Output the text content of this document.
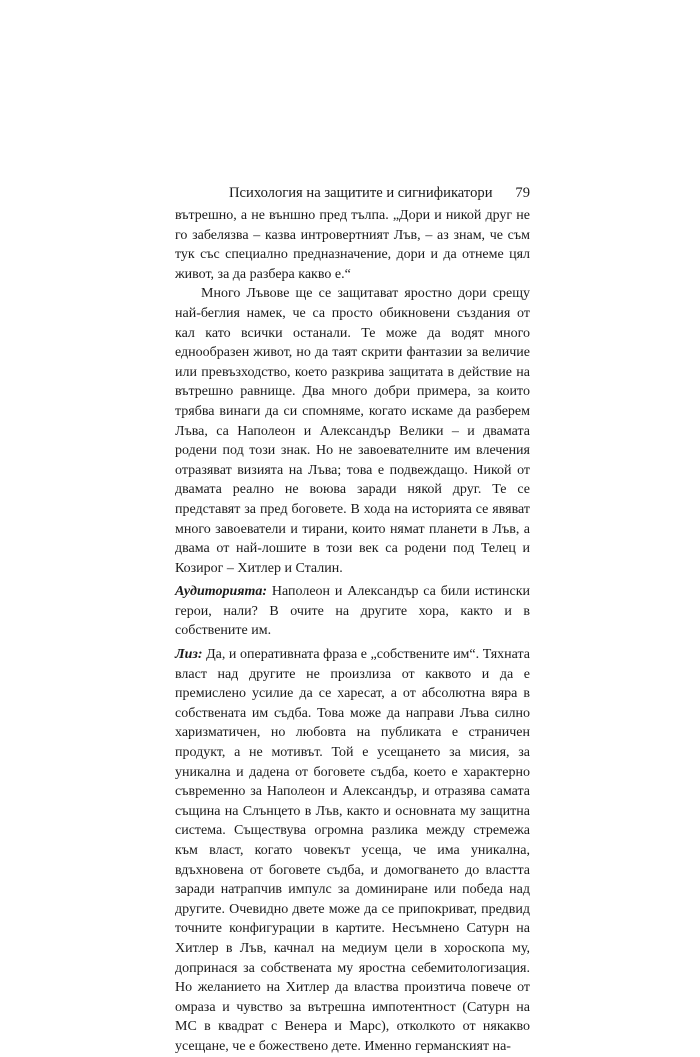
Психология на защитите и сигнификатори 79

вътрешно, а не външно пред тълпа. „Дори и никой друг не го забелязва – казва интровертният Лъв, – аз знам, че съм тук със специално предназначение, дори и да отнеме цял живот, за да разбера какво е.“

Много Лъвове ще се защитават яростно дори срещу най-беглия намек, че са просто обикновени създания от кал като всички останали. Те може да водят много еднообразен живот, но да таят скрити фантазии за величие или превъзходство, което разкрива защитата в действие на вътрешно равнище. Два много добри примера, за които трябва винаги да си спомняме, когато искаме да разберем Лъва, са Наполеон и Александър Велики – и двамата родени под този знак. Но не завоевателните им влечения отразяват визията на Лъва; това е подвеждащо. Никой от двамата реално не воюва заради някой друг. Те се представят за пред боговете. В хода на историята се явяват много завоеватели и тирани, които нямат планети в Лъв, а двама от най-лошите в този век са родени под Телец и Козирог – Хитлер и Сталин.

Аудиторията: Наполеон и Александър са били истински герои, нали? В очите на другите хора, както и в собствените им.

Лиз: Да, и оперативната фраза е „собствените им“. Тяхната власт над другите не произлиза от каквото и да е премислено усилие да се харесат, а от абсолютна вяра в собствената им съдба. Това може да направи Лъва силно харизматичен, но любовта на публиката е страничен продукт, а не мотивът. Той е усещането за мисия, за уникална и дадена от боговете съдба, което е характерно съвременно за Наполеон и Александър, и отразява самата същина на Слънцето в Лъв, както и основната му защитна система. Съществува огромна разлика между стремежа към власт, когато човекът усеща, че има уникална, вдъхновена от боговете съдба, и домогването до властта заради натрапчив импулс за доминиране или победа над другите. Очевидно двете може да се припокриват, предвид точните конфигурации в картите. Несъмнено Сатурн на Хитлер в Лъв, качнал на медиум цели в хороскопа му, допринася за собствената му яростна себемитологизация. Но желанието на Хитлер да властва произтича повече от омраза и чувство за вътрешна импотентност (Сатурн на МС в квадрат с Венера и Марс), отколкото от някакво усещане, че е божествено дете. Именно германският на-
